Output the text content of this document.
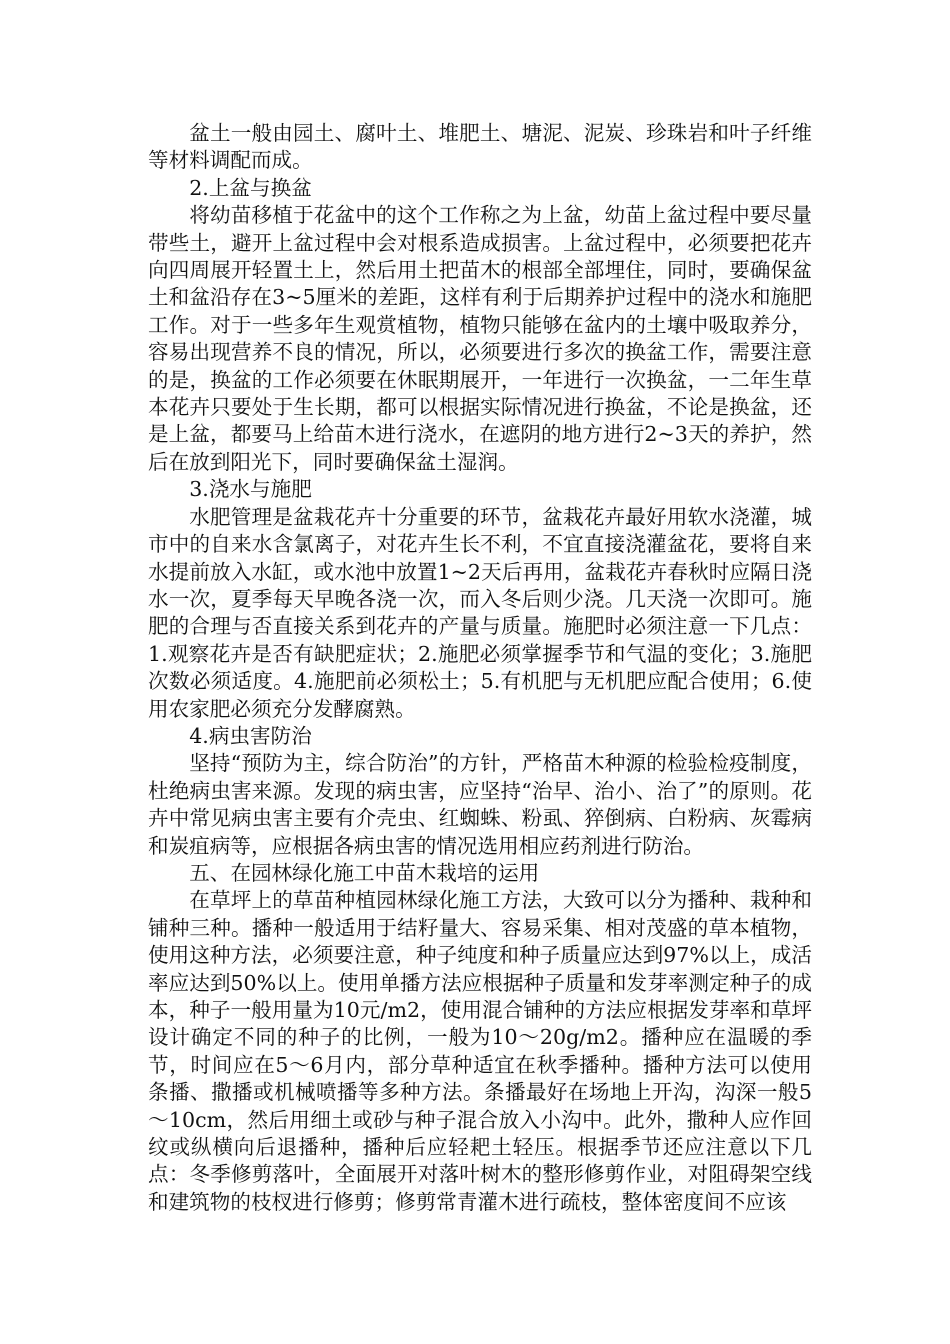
盆土一般由园土、腐叶土、堆肥土、塘泥、泥炭、珍珠岩和叶子纤维等材料调配而成。

2.上盆与换盆

将幼苗移植于花盆中的这个工作称之为上盆，幼苗上盆过程中要尽量带些土，避开上盆过程中会对根系造成损害。上盆过程中，必须要把花卉向四周展开轻置土上，然后用土把苗木的根部全部埋住，同时，要确保盆土和盆沿存在3~5厘米的差距，这样有利于后期养护过程中的浇水和施肥工作。对于一些多年生观赏植物，植物只能够在盆内的土壤中吸取养分，容易出现营养不良的情况，所以，必须要进行多次的换盆工作，需要注意的是，换盆的工作必须要在休眠期展开，一年进行一次换盆，一二年生草本花卉只要处于生长期，都可以根据实际情况进行换盆，不论是换盆，还是上盆，都要马上给苗木进行浇水，在遮阴的地方进行2~3天的养护，然后在放到阳光下，同时要确保盆土湿润。

3.浇水与施肥

水肥管理是盆栽花卉十分重要的环节，盆栽花卉最好用软水浇灌，城市中的自来水含氯离子，对花卉生长不利，不宜直接浇灌盆花，要将自来水提前放入水缸，或水池中放置1~2天后再用，盆栽花卉春秋时应隔日浇水一次，夏季每天早晚各浇一次，而入冬后则少浇。几天浇一次即可。施肥的合理与否直接关系到花卉的产量与质量。施肥时必须注意一下几点：1.观察花卉是否有缺肥症状；2.施肥必须掌握季节和气温的变化；3.施肥次数必须适度。4.施肥前必须松土；5.有机肥与无机肥应配合使用；6.使用农家肥必须充分发酵腐熟。

4.病虫害防治

坚持“预防为主，综合防治”的方针，严格苗木种源的检验检疫制度，杜绝病虫害来源。发现的病虫害，应坚持“治早、治小、治了”的原则。花卉中常见病虫害主要有介壳虫、红蜘蛛、粉虱、猝倒病、白粉病、灰霉病和炭疽病等，应根据各病虫害的情况选用相应药剂进行防治。

五、在园林绿化施工中苗木栽培的运用

在草坪上的草苗种植园林绿化施工方法，大致可以分为播种、栽种和铺种三种。播种一般适用于结籽量大、容易采集、相对茂盛的草本植物，使用这种方法，必须要注意，种子纯度和种子质量应达到97%以上，成活率应达到50%以上。使用单播方法应根据种子质量和发芽率测定种子的成本，种子一般用量为10元/m2，使用混合铺种的方法应根据发芽率和草坪设计确定不同的种子的比例，一般为10～20g/m2。播种应在温暖的季节，时间应在5～6月内，部分草种适宜在秋季播种。播种方法可以使用条播、撒播或机械喷播等多种方法。条播最好在场地上开沟，沟深一般5～10cm，然后用细土或砂与种子混合放入小沟中。此外，撒种人应作回纹或纵横向后退播种，播种后应轻耙土轻压。根据季节还应注意以下几点：冬季修剪落叶，全面展开对落叶树木的整形修剪作业，对阻碍架空线和建筑物的枝杈进行修剪；修剪常青灌木进行疏枝，整体密度间不应该
